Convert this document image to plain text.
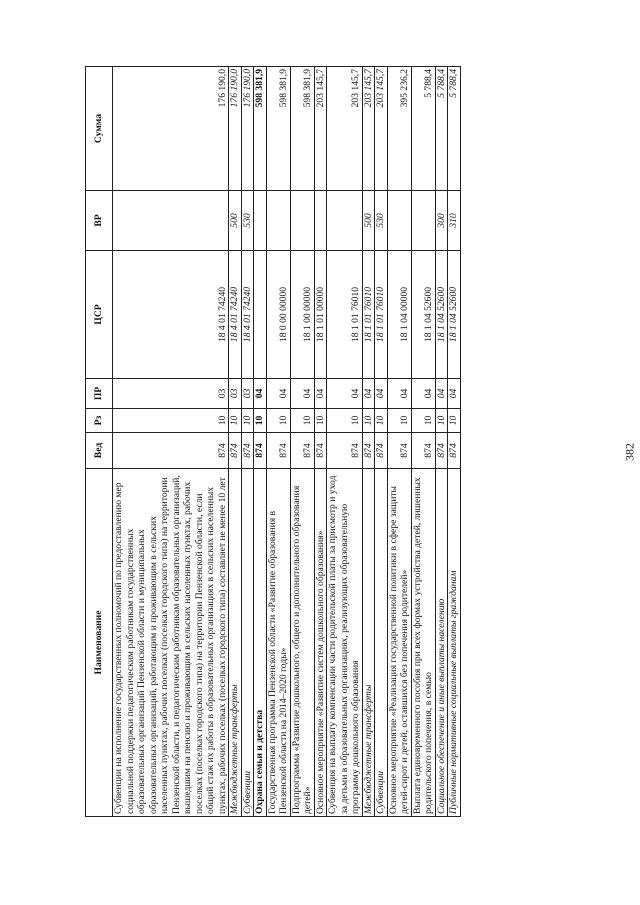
382
Наименование	Вед	Рз	ПР	ЦСР	ВР	Сумма
Субвенции на исполнение государственных полномочий по предоставлению мер социальной поддержки педагогическим работникам государственных образовательных организаций Пензенской области и муниципальных образовательных организаций, работающим и проживающим в сельских населенных пунктах, рабочих поселках (поселках городского типа) на территории Пензенской области, и педагогическим работникам образовательных организаций, вышедшим на пенсию и проживающим в сельских населенных пунктах, рабочих поселках (поселках городского типа) на территории Пензенской области, если общий стаж их работы в образовательных организациях в сельских населенных пунктах, рабочих поселках (поселках городского типа) составляет не менее 10 лет	874	10	03	18 4 01 74240		176 190,0
Межбюджетные трансферты	874	10	03	18 4 01 74240	500	176 190,0
Субвенции	874	10	03	18 4 01 74240	530	176 190,0
Охрана семьи и детства	874	10	04			598 381,9
Государственная программа Пензенской области «Развитие образования в Пензенской области на 2014–2020 годы»	874	10	04	18 0 00 00000		598 381,9
Подпрограмма «Развитие дошкольного, общего и дополнительного образования детей»	874	10	04	18 1 00 00000		598 381,9
Основное мероприятие «Развитие систем дошкольного образования»	874	10	04	18 1 01 00000		203 145,7
Субвенция на выплату компенсации части родительской платы за присмотр и уход за детьми в образовательных организациях, реализующих образовательную программу дошкольного образования	874	10	04	18 1 01 76010		203 145,7
Межбюджетные трансферты	874	10	04	18 1 01 76010	500	203 145,7
Субвенции	874	10	04	18 1 01 76010	530	203 145,7
Основное мероприятие «Реализация государственной политики в сфере защиты детей-сирот и детей, оставшихся без попечения родителей»	874	10	04	18 1 04 00000		395 236,2
Выплата единовременного пособия при всех формах устройства детей, лишенных родительского попечения, в семью	874	10	04	18 1 04 52600		5 788,4
Социальное обеспечение и иные выплаты населению	874	10	04	18 1 04 52600	300	5 788,4
Публичные нормативные социальные выплаты гражданам	874	10	04	18 1 04 52600	310	5 788,4
